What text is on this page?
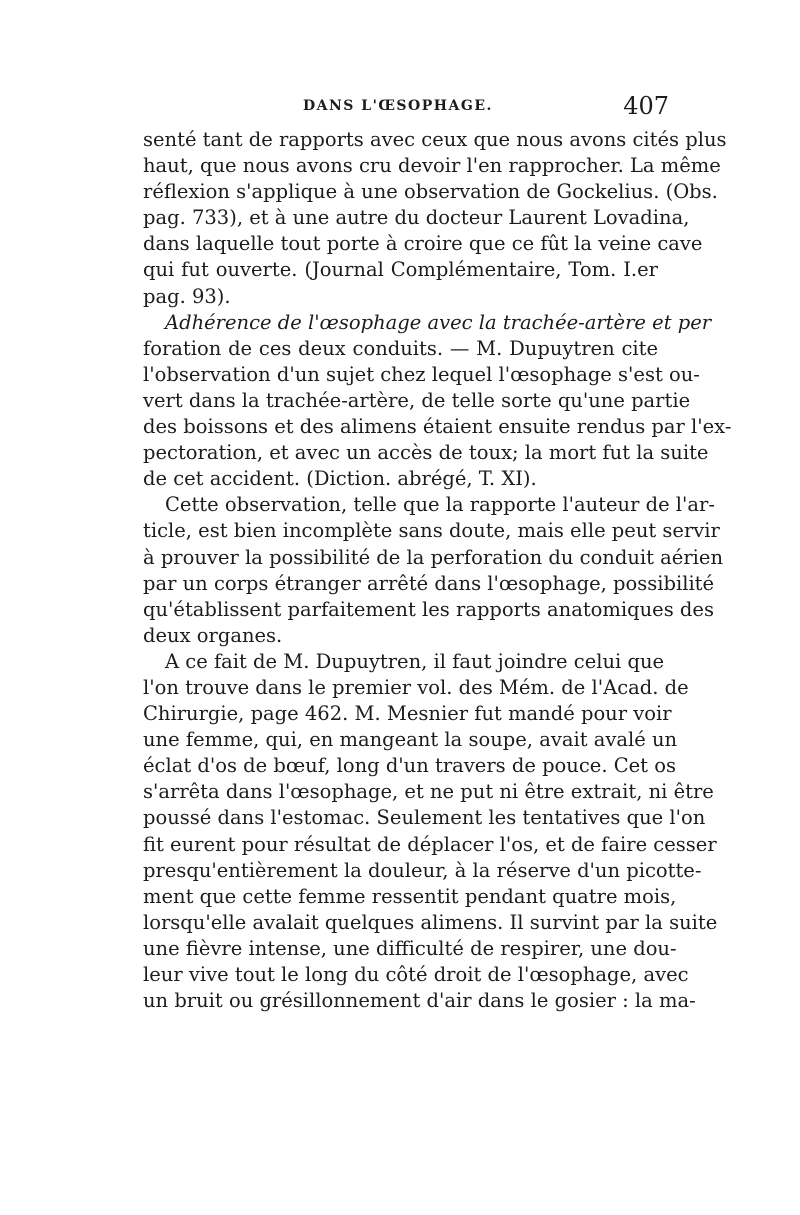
DANS L'ŒSOPHAGE.	407

senté tant de rapports avec ceux que nous avons cités plus
haut, que nous avons cru devoir l'en rapprocher. La même
réflexion s'applique à une observation de Gockelius. (Obs.
pag. 733), et à une autre du docteur Laurent Lovadina,
dans laquelle tout porte à croire que ce fût la veine cave
qui fut ouverte. (Journal Complémentaire, Tom. I.er
pag. 93).

Adhérence de l'œsophage avec la trachée-artère et per

foration de ces deux conduits. — M. Dupuytren cite
l'observation d'un sujet chez lequel l'œsophage s'est ou-
vert dans la trachée-artère, de telle sorte qu'une partie
des boissons et des alimens étaient ensuite rendus par l'ex-
pectoration, et avec un accès de toux; la mort fut la suite
de cet accident. (Diction. abrégé, T. XI).

Cette observation, telle que la rapporte l'auteur de l'ar-
ticle, est bien incomplète sans doute, mais elle peut servir
à prouver la possibilité de la perforation du conduit aérien
par un corps étranger arrêté dans l'œsophage, possibilité
qu'établissent parfaitement les rapports anatomiques des
deux organes.

A ce fait de M. Dupuytren, il faut joindre celui que
l'on trouve dans le premier vol. des Mém. de l'Acad. de
Chirurgie, page 462. M. Mesnier fut mandé pour voir
une femme, qui, en mangeant la soupe, avait avalé un
éclat d'os de bœuf, long d'un travers de pouce. Cet os
s'arrêta dans l'œsophage, et ne put ni être extrait, ni être
poussé dans l'estomac. Seulement les tentatives que l'on
fit eurent pour résultat de déplacer l'os, et de faire cesser
presqu'entièrement la douleur, à la réserve d'un picotte-
ment que cette femme ressentit pendant quatre mois,
lorsqu'elle avalait quelques alimens. Il survint par la suite
une fièvre intense, une difficulté de respirer, une dou-
leur vive tout le long du côté droit de l'œsophage, avec
un bruit ou grésillonnement d'air dans le gosier : la ma-
